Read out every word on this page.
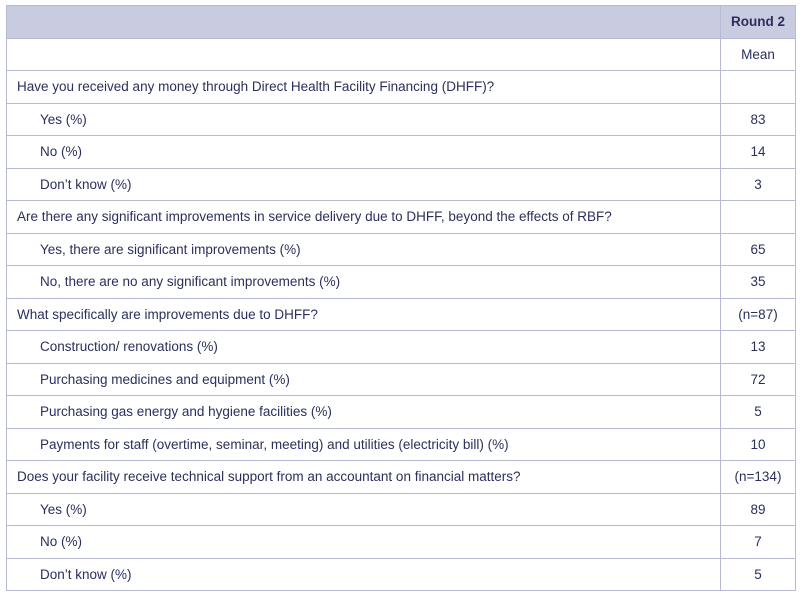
	Round 2
	Mean
Have you received any money through Direct Health Facility Financing (DHFF)?	
Yes (%)	83
No (%)	14
Don’t know (%)	3
Are there any significant improvements in service delivery due to DHFF, beyond the effects of RBF?	
Yes, there are significant improvements (%)	65
No, there are no any significant improvements (%)	35
What specifically are improvements due to DHFF?	(n=87)
Construction/ renovations (%)	13
Purchasing medicines and equipment (%)	72
Purchasing gas energy and hygiene facilities (%)	5
Payments for staff (overtime, seminar, meeting) and utilities (electricity bill) (%)	10
Does your facility receive technical support from an accountant on financial matters?	(n=134)
Yes (%)	89
No (%)	7
Don’t know (%)	5
